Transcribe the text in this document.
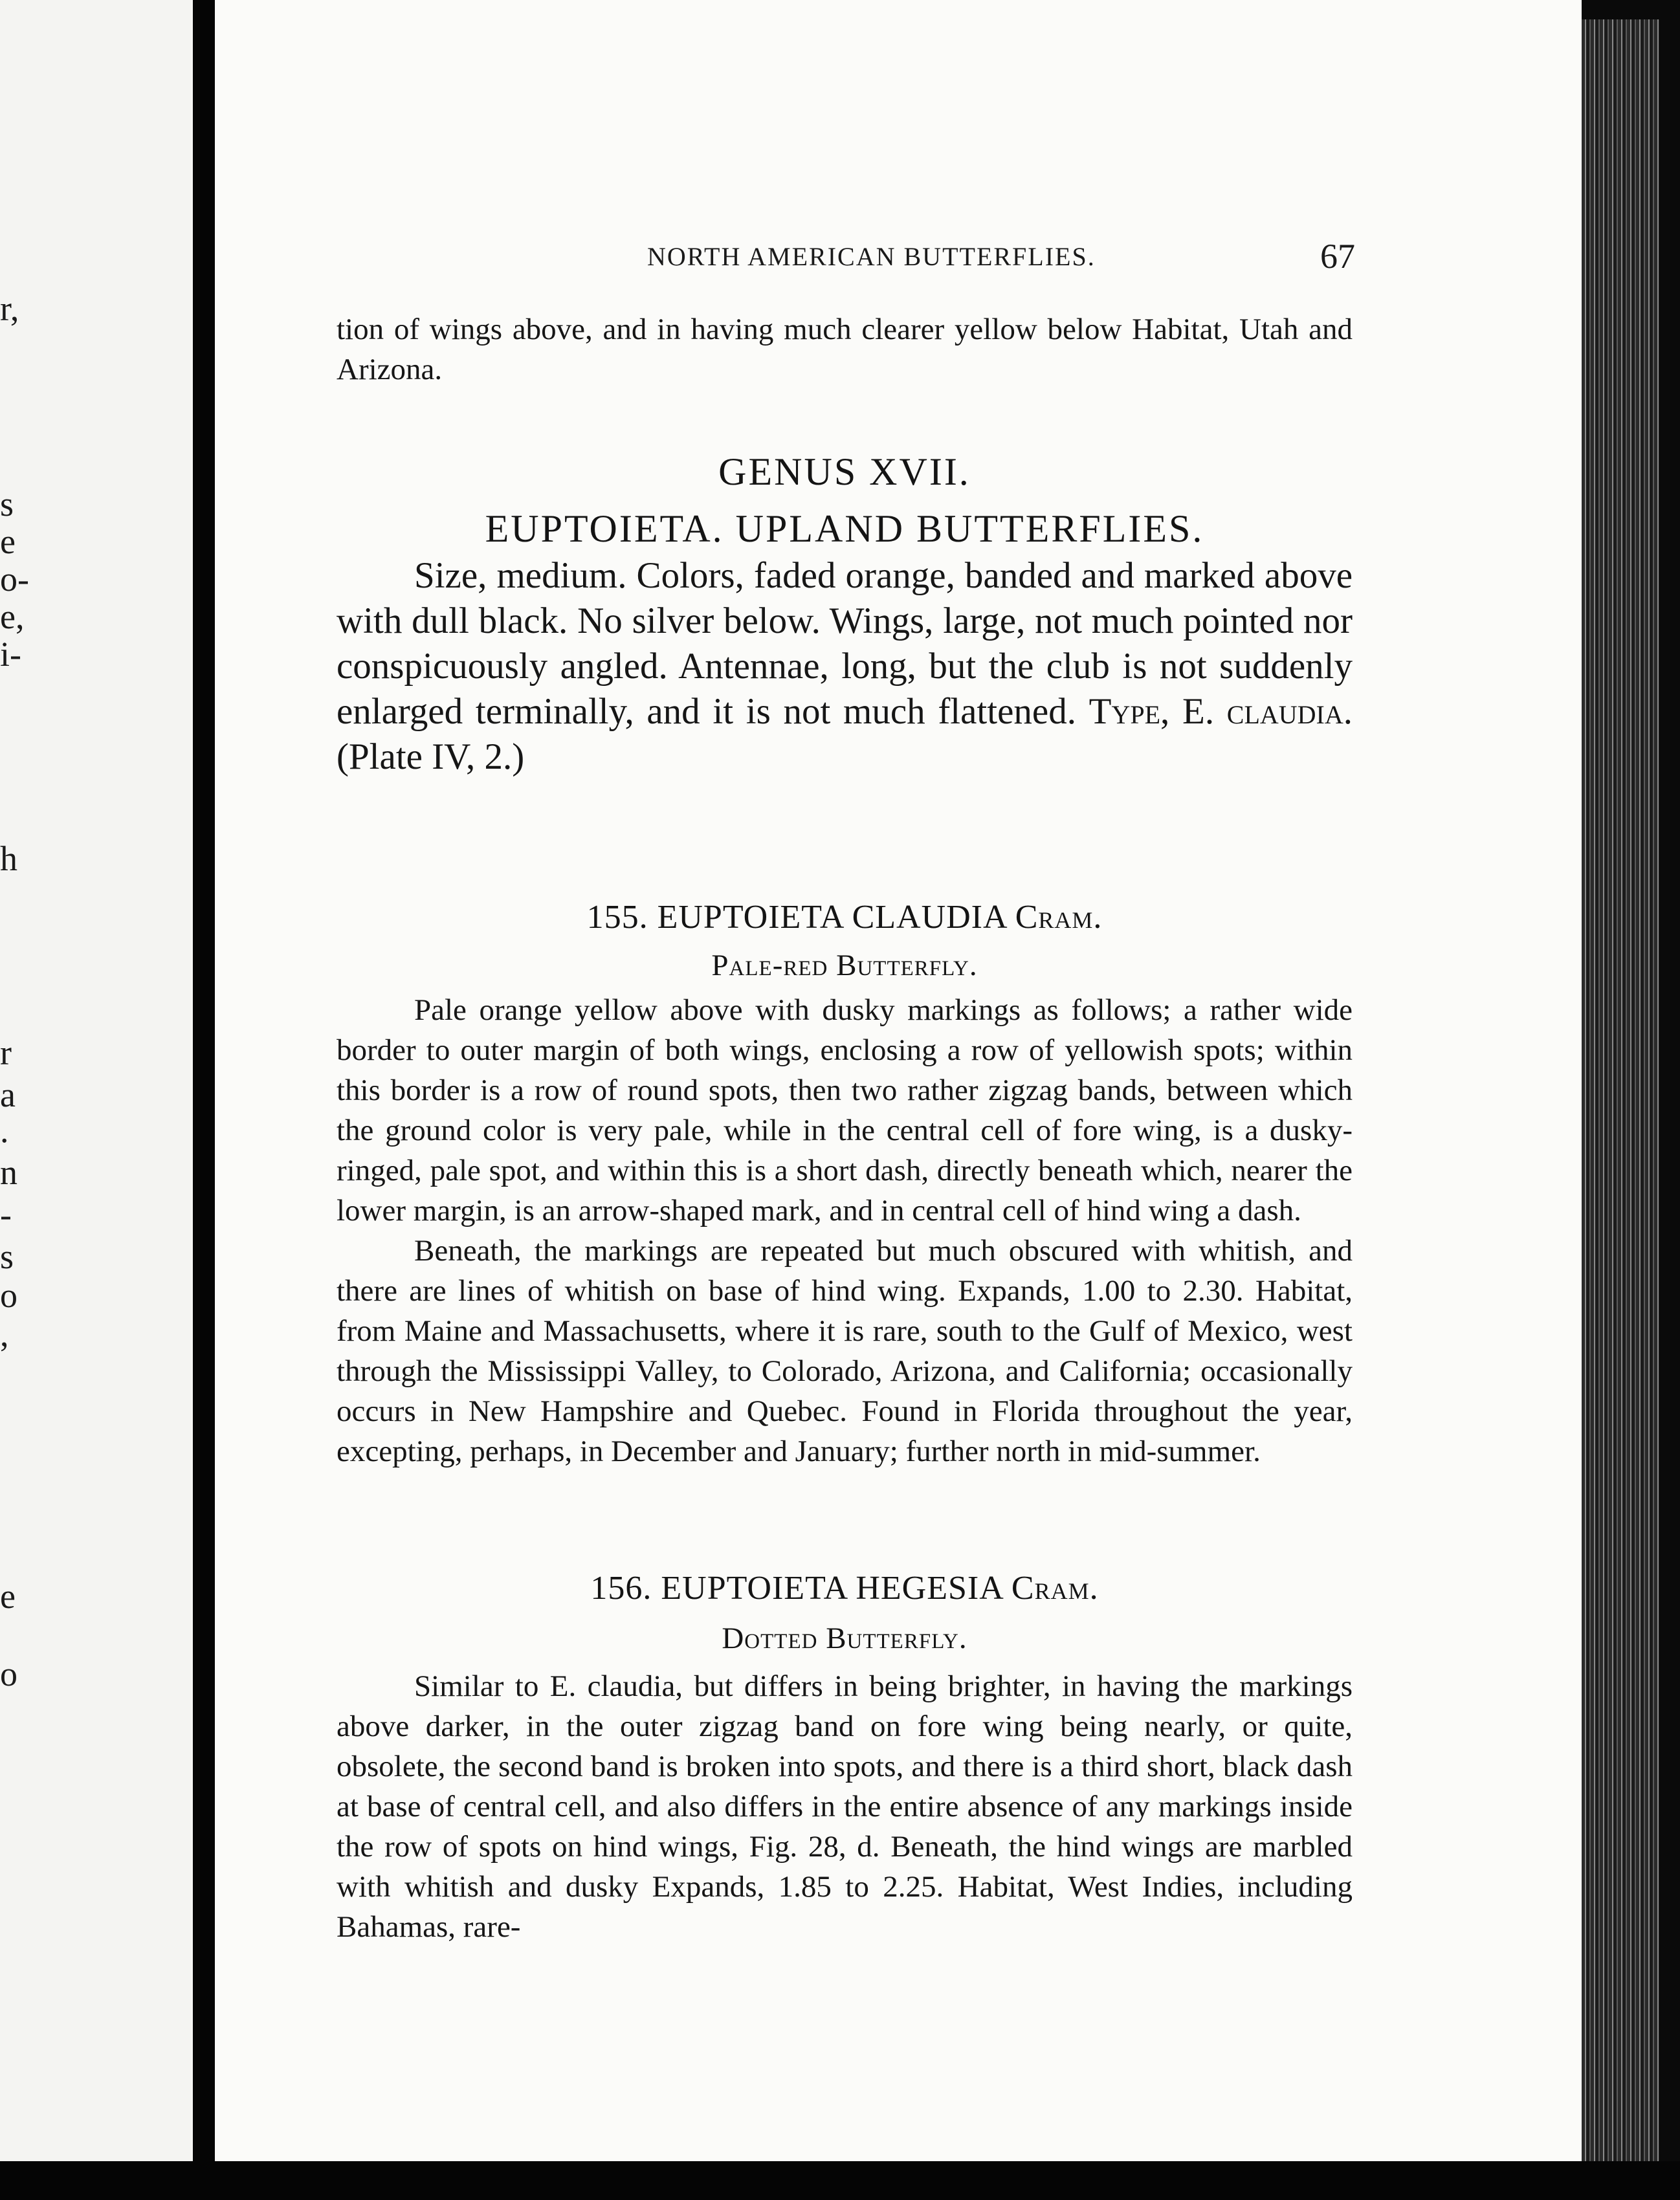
r,
s
e
o-
e,
i-
h
r
a
.
n
-
s
o
,
e
o
NORTH AMERICAN BUTTERFLIES.	67
tion of wings above, and in having much clearer yellow below Habitat, Utah and Arizona.
GENUS XVII.
EUPTOIETA. UPLAND BUTTERFLIES.

Size, medium. Colors, faded orange, banded and marked above with dull black. No silver below. Wings, large, not much pointed nor conspicuously angled. Antennae, long, but the club is not suddenly enlarged terminally, and it is not much flattened. Type, E. claudia. (Plate IV, 2.)

155. EUPTOIETA CLAUDIA Cram.
Pale-red Butterfly.

Pale orange yellow above with dusky markings as follows; a rather wide border to outer margin of both wings, enclosing a row of yellowish spots; within this border is a row of round spots, then two rather zigzag bands, between which the ground color is very pale, while in the central cell of fore wing, is a dusky-ringed, pale spot, and within this is a short dash, directly beneath which, nearer the lower margin, is an arrow-shaped mark, and in central cell of hind wing a dash.

Beneath, the markings are repeated but much obscured with whitish, and there are lines of whitish on base of hind wing. Expands, 1.00 to 2.30. Habitat, from Maine and Massachusetts, where it is rare, south to the Gulf of Mexico, west through the Mississippi Valley, to Colorado, Arizona, and California; occasionally occurs in New Hampshire and Quebec. Found in Florida throughout the year, excepting, perhaps, in December and January; further north in mid-summer.

156. EUPTOIETA HEGESIA Cram.
Dotted Butterfly.

Similar to E. claudia, but differs in being brighter, in having the markings above darker, in the outer zigzag band on fore wing being nearly, or quite, obsolete, the second band is broken into spots, and there is a third short, black dash at base of central cell, and also differs in the entire absence of any markings inside the row of spots on hind wings, Fig. 28, d. Beneath, the hind wings are marbled with whitish and dusky Expands, 1.85 to 2.25. Habitat, West Indies, including Bahamas, rare-
